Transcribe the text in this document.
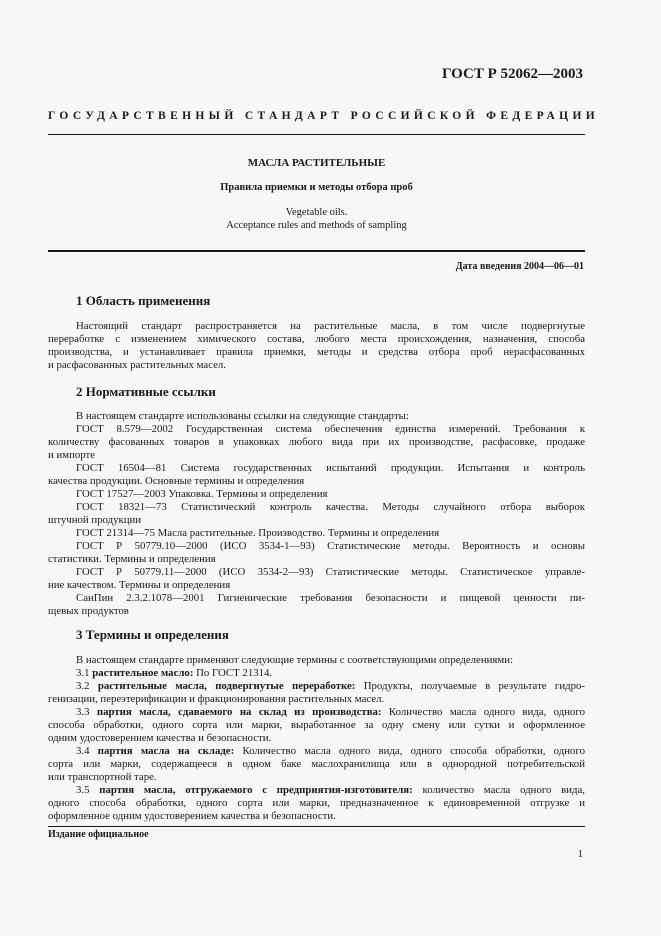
ГОСТ Р 52062—2003
ГОСУДАРСТВЕННЫЙ СТАНДАРТ РОССИЙСКОЙ ФЕДЕРАЦИИ
МАСЛА РАСТИТЕЛЬНЫЕ
Правила приемки и методы отбора проб
Vegetable oils.
Acceptance rules and methods of sampling
Дата введения 2004—06—01
1 Область применения
Настоящий стандарт распространяется на растительные масла, в том числе подвергнутые
переработке с изменением химического состава, любого места происхождения, назначения, способа
производства, и устанавливает правила приемки, методы и средства отбора проб нерасфасованных
и расфасованных растительных масел.
2 Нормативные ссылки
В настоящем стандарте использованы ссылки на следующие стандарты:
ГОСТ 8.579—2002 Государственная система обеспечения единства измерений. Требования к
количеству фасованных товаров в упаковках любого вида при их производстве, расфасовке, продаже
и импорте
ГОСТ 16504—81 Система государственных испытаний продукции. Испытания и контроль
качества продукции. Основные термины и определения
ГОСТ 17527—2003 Упаковка. Термины и определения
ГОСТ 18321—73 Статистический контроль качества. Методы случайного отбора выборок
штучной продукции
ГОСТ 21314—75 Масла растительные. Производство. Термины и определения
ГОСТ Р 50779.10—2000 (ИСО 3534-1—93) Статистические методы. Вероятность и основы
статистики. Термины и определения
ГОСТ Р 50779.11—2000 (ИСО 3534-2—93) Статистические методы. Статистическое управле-
ние качеством. Термины и определения
СанПин 2.3.2.1078—2001 Гигиенические требования безопасности и пищевой ценности пи-
щевых продуктов
3 Термины и определения
В настоящем стандарте применяют следующие термины с соответствующими определениями:
3.1 растительное масло: По ГОСТ 21314.
3.2 растительные масла, подвергнутые переработке: Продукты, получаемые в результате гидро-
генизации, переэтерификации и фракционирования растительных масел.
3.3 партия масла, сдаваемого на склад из производства: Количество масла одного вида, одного
способа обработки, одного сорта или марки, выработанное за одну смену или сутки и оформленное
одним удостоверением качества и безопасности.
3.4 партия масла на складе: Количество масла одного вида, одного способа обработки, одного
сорта или марки, содержащееся в одном баке маслохранилища или в однородной потребительской
или транспортной таре.
3.5 партия масла, отгружаемого с предприятия-изготовителя: количество масла одного вида,
одного способа обработки, одного сорта или марки, предназначенное к единовременной отгрузке и
оформленное одним удостоверением качества и безопасности.
Издание официальное
1
